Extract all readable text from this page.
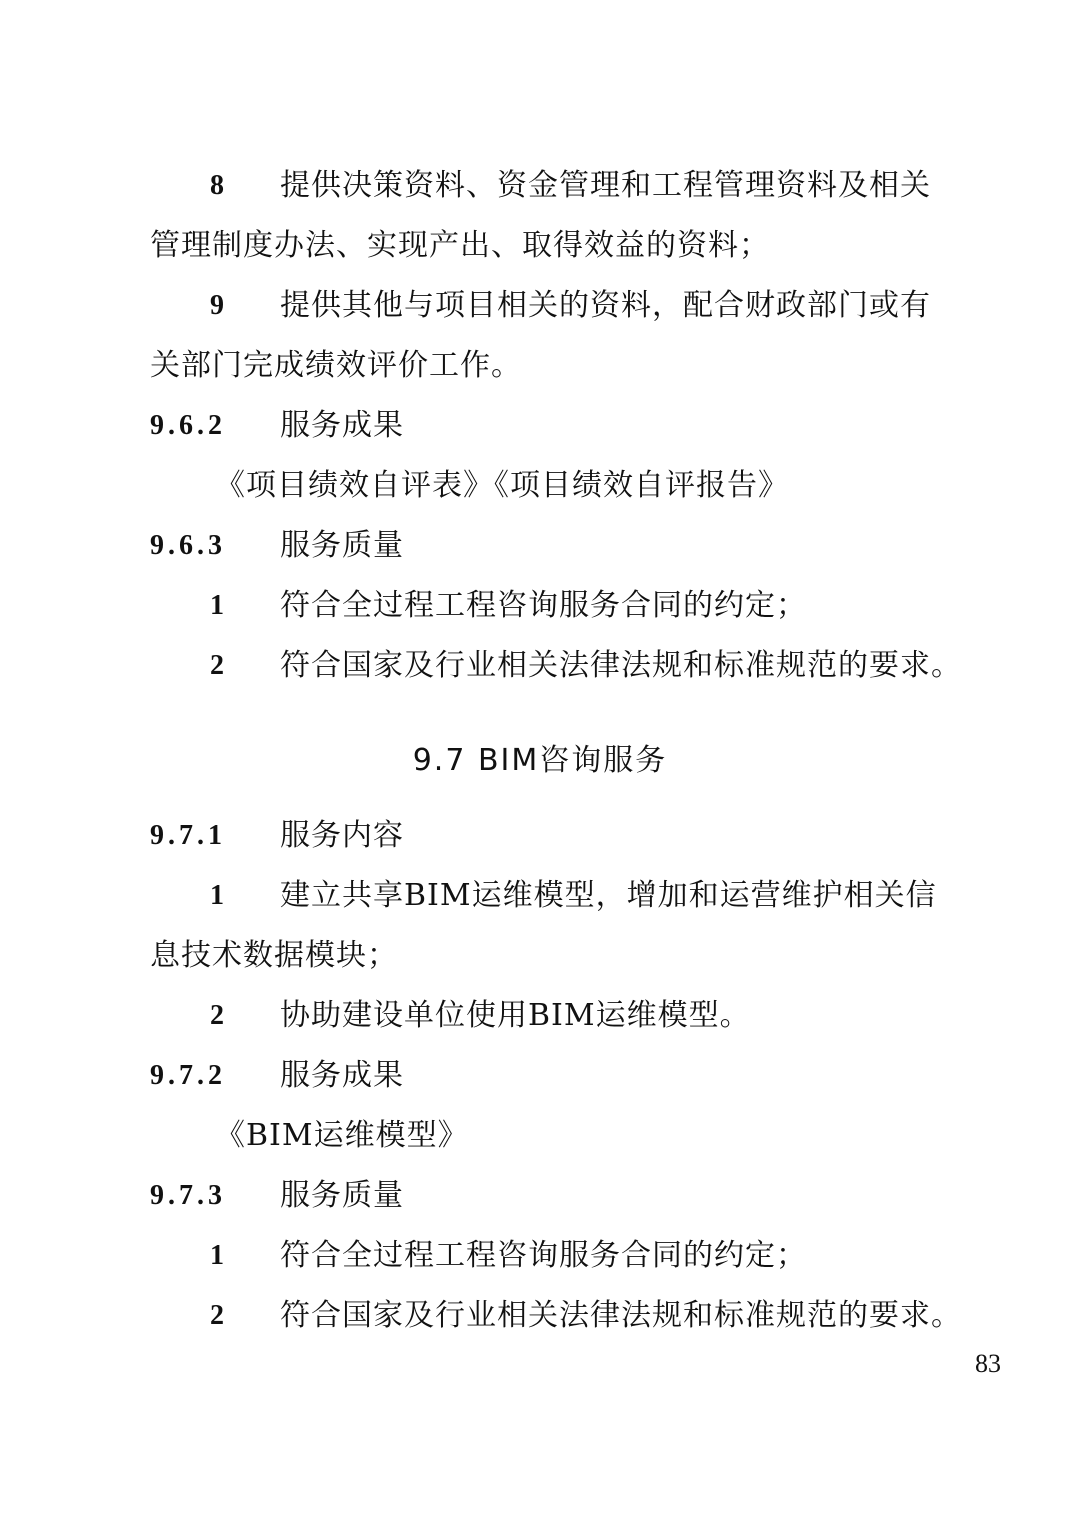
8 提供决策资料、资金管理和工程管理资料及相关
管理制度办法、实现产出、取得效益的资料；
9 提供其他与项目相关的资料，配合财政部门或有
关部门完成绩效评价工作。
9.6.2 服务成果
《项目绩效自评表》《项目绩效自评报告》
9.6.3 服务质量
1 符合全过程工程咨询服务合同的约定；
2 符合国家及行业相关法律法规和标准规范的要求。
9.7 BIM咨询服务
9.7.1 服务内容
1 建立共享BIM运维模型，增加和运营维护相关信
息技术数据模块；
2 协助建设单位使用BIM运维模型。
9.7.2 服务成果
《BIM运维模型》
9.7.3 服务质量
1 符合全过程工程咨询服务合同的约定；
2 符合国家及行业相关法律法规和标准规范的要求。
83
